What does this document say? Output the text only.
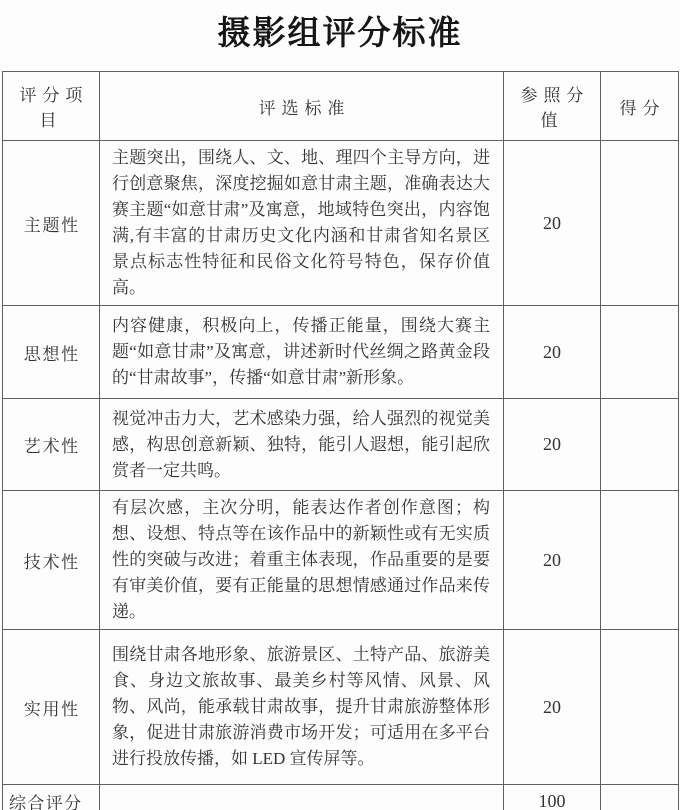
摄影组评分标准
评分项目	评选标准	参照分值	得分
主题性	主题突出，围绕人、文、地、理四个主导方向，进行创意聚焦，深度挖掘如意甘肃主题，准确表达大赛主题“如意甘肃”及寓意，地域特色突出，内容饱满,有丰富的甘肃历史文化内涵和甘肃省知名景区景点标志性特征和民俗文化符号特色，保存价值高。	20	
思想性	内容健康，积极向上，传播正能量，围绕大赛主题“如意甘肃”及寓意，讲述新时代丝绸之路黄金段的“甘肃故事”，传播“如意甘肃”新形象。	20	
艺术性	视觉冲击力大，艺术感染力强，给人强烈的视觉美感，构思创意新颖、独特，能引人遐想，能引起欣赏者一定共鸣。	20	
技术性	有层次感，主次分明，能表达作者创作意图；构想、设想、特点等在该作品中的新颖性或有无实质性的突破与改进；着重主体表现，作品重要的是要有审美价值，要有正能量的思想情感通过作品来传递。	20	
实用性	围绕甘肃各地形象、旅游景区、土特产品、旅游美食、身边文旅故事、最美乡村等风情、风景、风物、风尚，能承载甘肃故事，提升甘肃旅游整体形象，促进甘肃旅游消费市场开发；可适用在多平台进行投放传播，如 LED 宣传屏等。	20	
综合评分		100	
